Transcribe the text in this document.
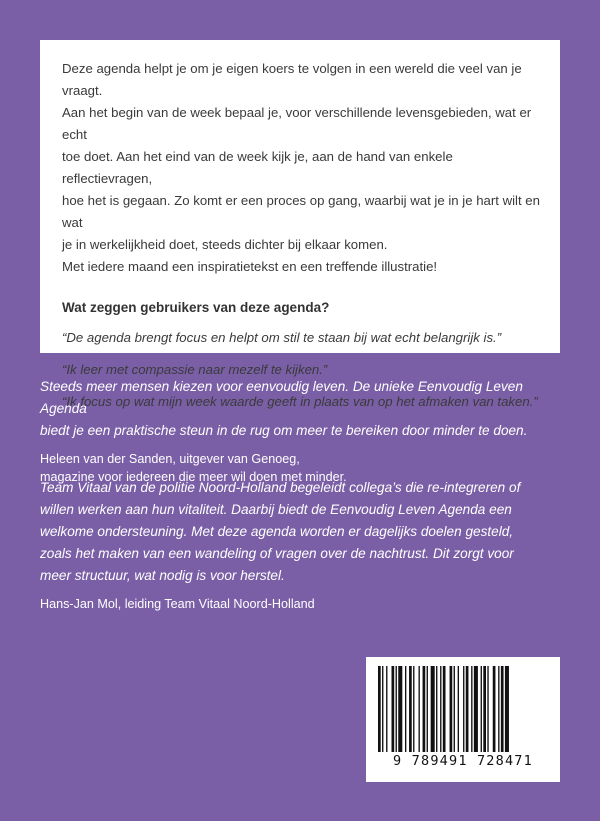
Deze agenda helpt je om je eigen koers te volgen in een wereld die veel van je vraagt.

Aan het begin van de week bepaal je, voor verschillende levensgebieden, wat er echt

toe doet. Aan het eind van de week kijk je, aan de hand van enkele reflectievragen,

hoe het is gegaan. Zo komt er een proces op gang, waarbij wat je in je hart wilt en wat

je in werkelijkheid doet, steeds dichter bij elkaar komen.

Met iedere maand een inspiratietekst en een treffende illustratie!

Wat zeggen gebruikers van deze agenda?

“De agenda brengt focus en helpt om stil te staan bij wat echt belangrijk is.”

“Ik leer met compassie naar mezelf te kijken.”

“Ik focus op wat mijn week waarde geeft in plaats van op het afmaken van taken.”

Steeds meer mensen kiezen voor eenvoudig leven. De unieke Eenvoudig Leven Agenda

biedt je een praktische steun in de rug om meer te bereiken door minder te doen.

Heleen van der Sanden, uitgever van Genoeg,
magazine voor iedereen die meer wil doen met minder.

Team Vitaal van de politie Noord-Holland begeleidt collega’s die re-integreren of

willen werken aan hun vitaliteit. Daarbij biedt de Eenvoudig Leven Agenda een

welkome ondersteuning. Met deze agenda worden er dagelijks doelen gesteld,

zoals het maken van een wandeling of vragen over de nachtrust. Dit zorgt voor

meer structuur, wat nodig is voor herstel.

Hans-Jan Mol, leiding Team Vitaal Noord-Holland
9 789491 728471
